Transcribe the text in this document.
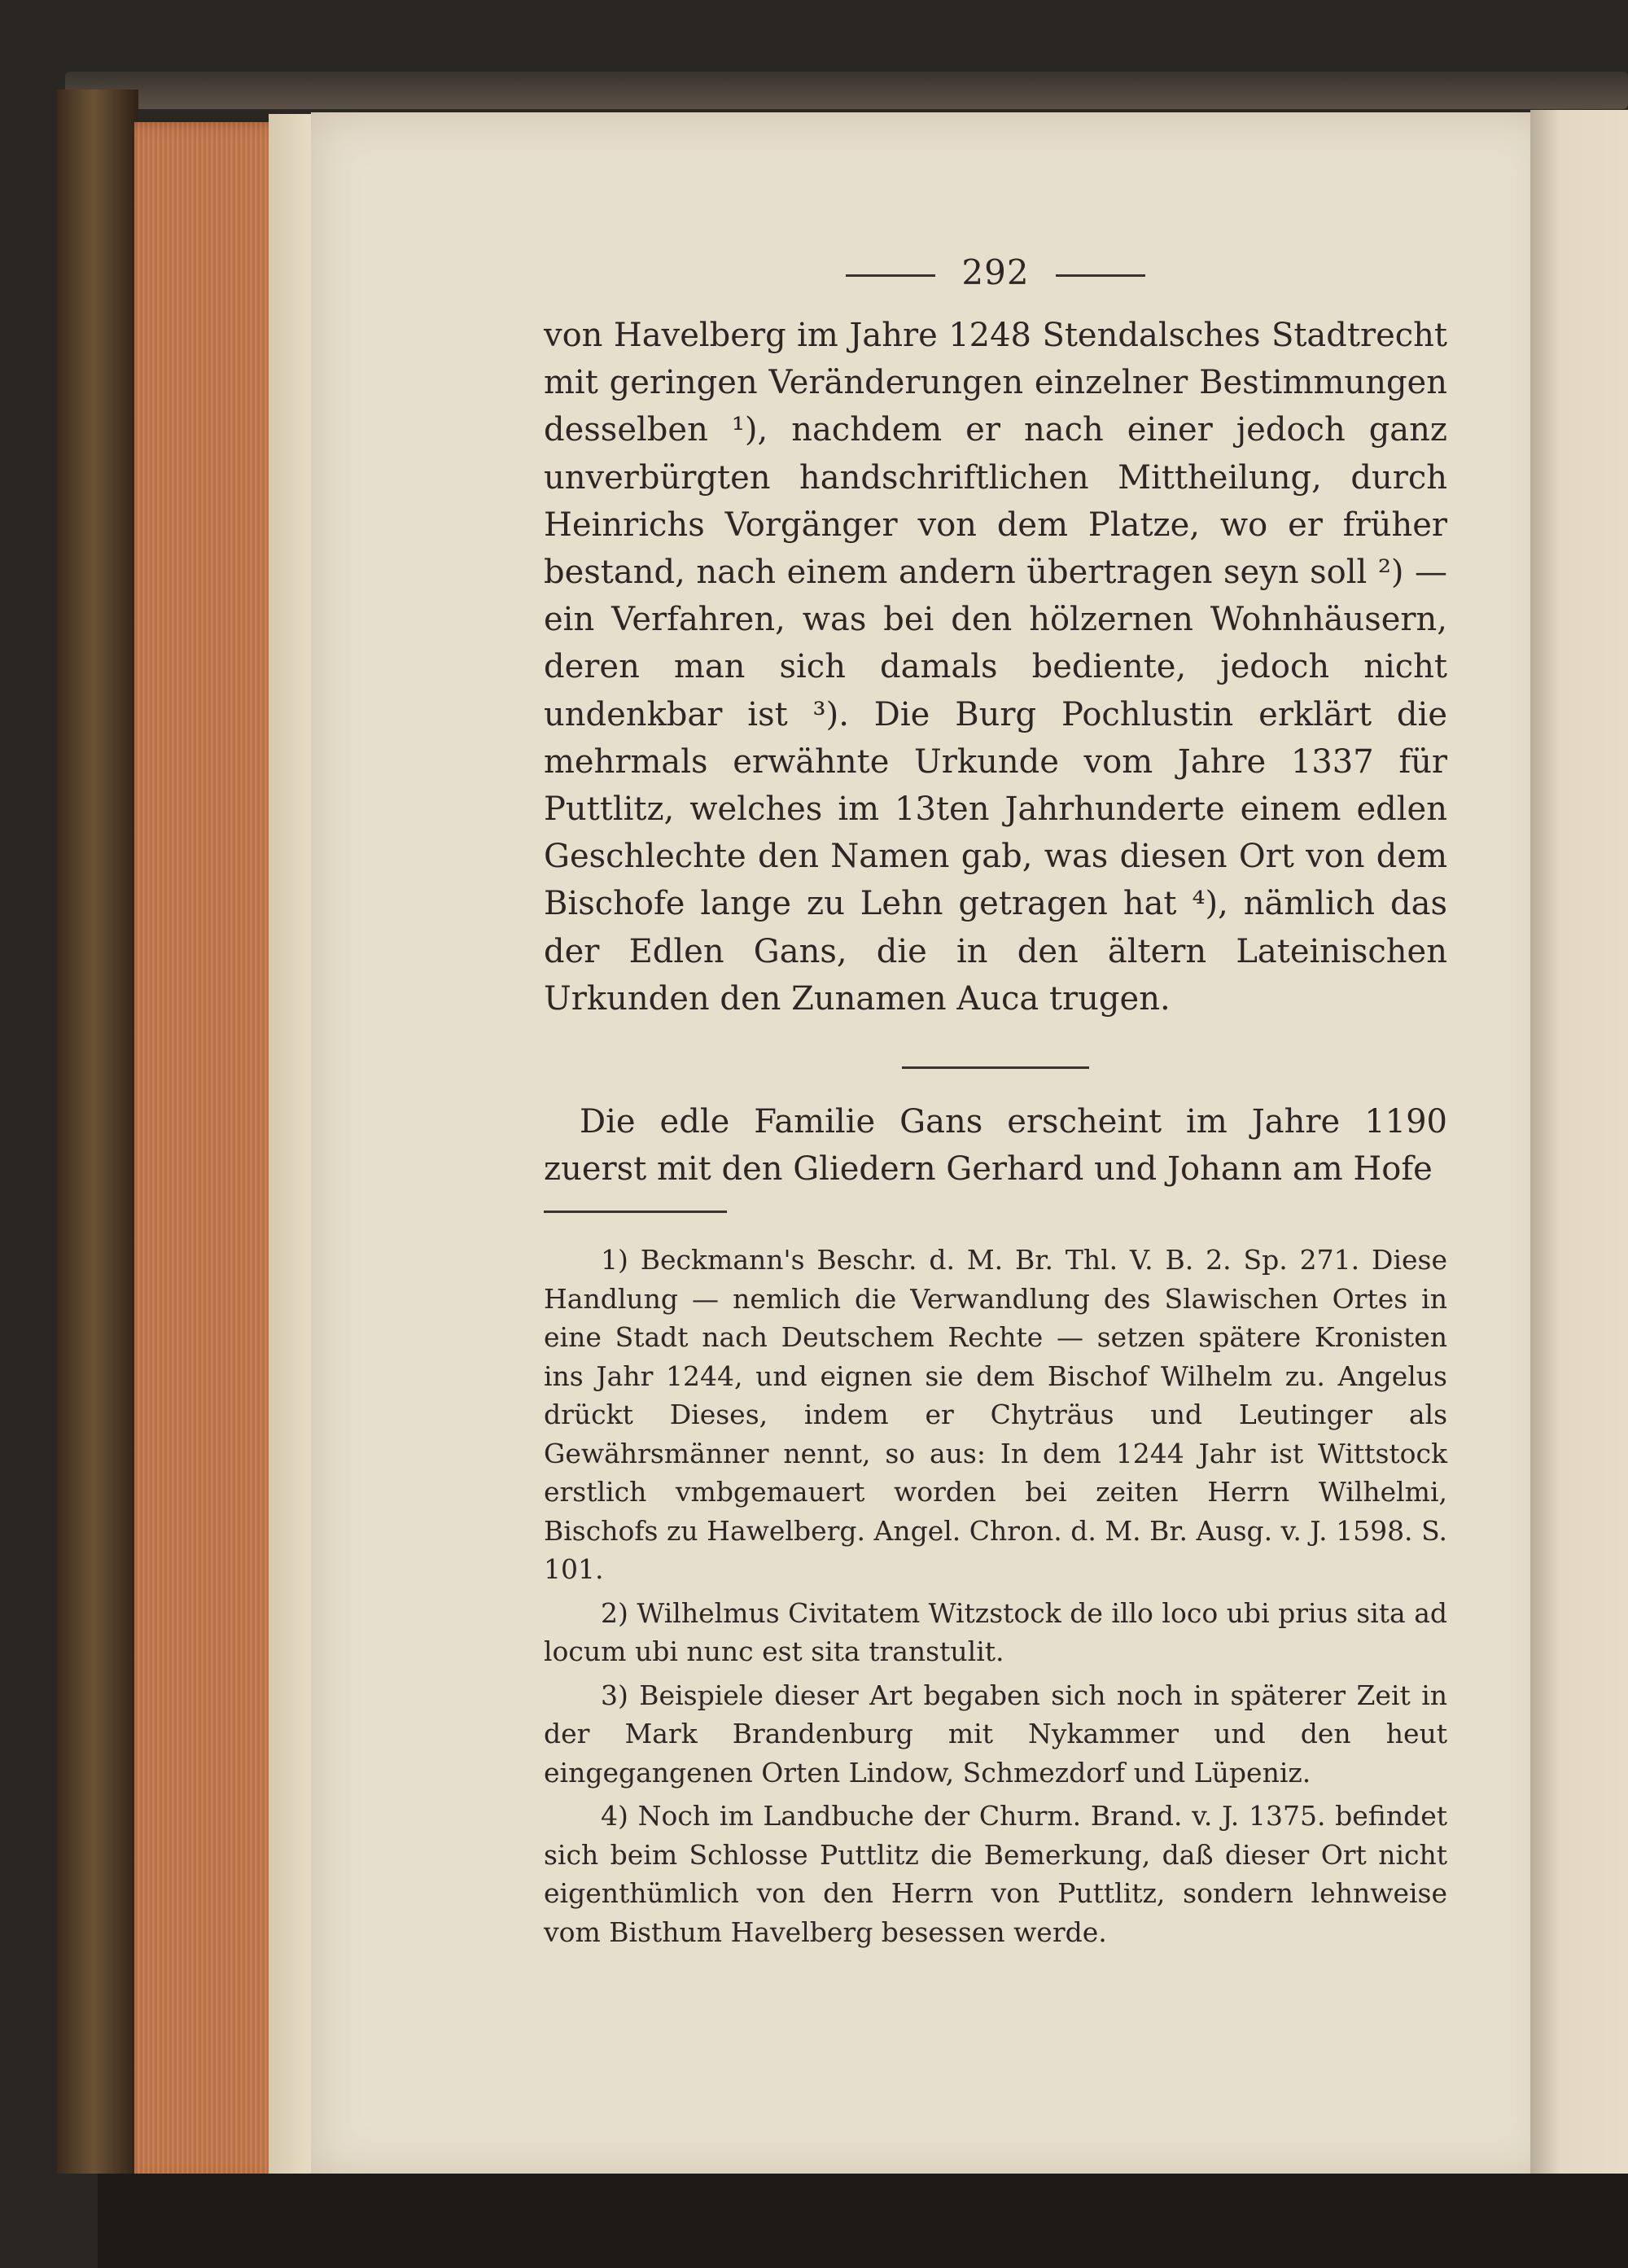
292

von Havelberg im Jahre 1248 Stendalsches Stadtrecht mit geringen Veränderungen einzelner Bestimmungen desselben ¹), nachdem er nach einer jedoch ganz unverbürgten handschriftlichen Mittheilung, durch Heinrichs Vorgänger von dem Platze, wo er früher bestand, nach einem andern übertragen seyn soll ²) — ein Verfahren, was bei den hölzernen Wohnhäusern, deren man sich damals bediente, jedoch nicht undenkbar ist ³). Die Burg Pochlustin erklärt die mehrmals erwähnte Urkunde vom Jahre 1337 für Puttlitz, welches im 13ten Jahrhunderte einem edlen Geschlechte den Namen gab, was diesen Ort von dem Bischofe lange zu Lehn getragen hat ⁴), nämlich das der Edlen Gans, die in den ältern Lateinischen Urkunden den Zunamen Auca trugen.

Die edle Familie Gans erscheint im Jahre 1190 zuerst mit den Gliedern Gerhard und Johann am Hofe

1) Beckmann's Beschr. d. M. Br. Thl. V. B. 2. Sp. 271. Diese Handlung — nemlich die Verwandlung des Slawischen Ortes in eine Stadt nach Deutschem Rechte — setzen spätere Kronisten ins Jahr 1244, und eignen sie dem Bischof Wilhelm zu. Angelus drückt Dieses, indem er Chyträus und Leutinger als Gewährsmänner nennt, so aus: In dem 1244 Jahr ist Wittstock erstlich vmbgemauert worden bei zeiten Herrn Wilhelmi, Bischofs zu Hawelberg. Angel. Chron. d. M. Br. Ausg. v. J. 1598. S. 101.

2) Wilhelmus Civitatem Witzstock de illo loco ubi prius sita ad locum ubi nunc est sita transtulit.

3) Beispiele dieser Art begaben sich noch in späterer Zeit in der Mark Brandenburg mit Nykammer und den heut eingegangenen Orten Lindow, Schmezdorf und Lüpeniz.

4) Noch im Landbuche der Churm. Brand. v. J. 1375. befindet sich beim Schlosse Puttlitz die Bemerkung, daß dieser Ort nicht eigenthümlich von den Herrn von Puttlitz, sondern lehnweise vom Bisthum Havelberg besessen werde.
